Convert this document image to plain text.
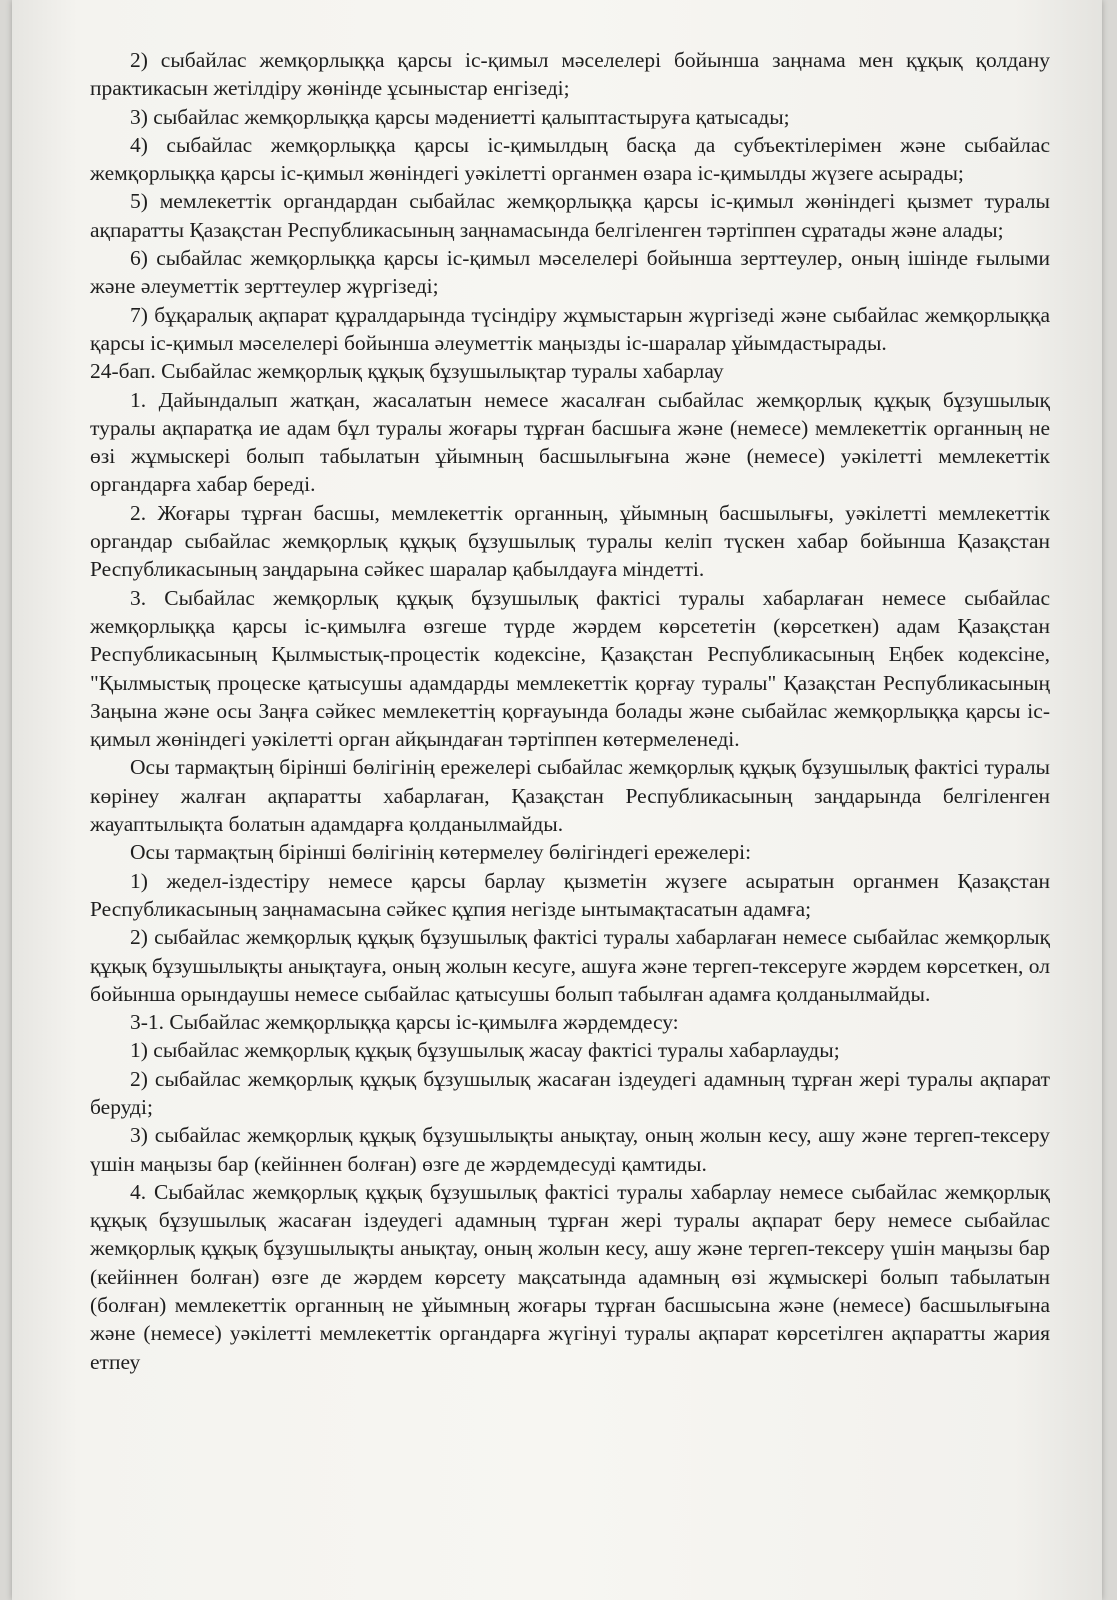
2) сыбайлас жемқорлыққа қарсы іс-қимыл мәселелері бойынша заңнама мен құқық қолдану практикасын жетілдіру жөнінде ұсыныстар енгізеді;

3) сыбайлас жемқорлыққа қарсы мәдениетті қалыптастыруға қатысады;

4) сыбайлас жемқорлыққа қарсы іс-қимылдың басқа да субъектілерімен және сыбайлас жемқорлыққа қарсы іс-қимыл жөніндегі уәкілетті органмен өзара іс-қимылды жүзеге асырады;

5) мемлекеттік органдардан сыбайлас жемқорлыққа қарсы іс-қимыл жөніндегі қызмет туралы ақпаратты Қазақстан Республикасының заңнамасында белгіленген тәртіппен сұратады және алады;

6) сыбайлас жемқорлыққа қарсы іс-қимыл мәселелері бойынша зерттеулер, оның ішінде ғылыми және әлеуметтік зерттеулер жүргізеді;

7) бұқаралық ақпарат құралдарында түсіндіру жұмыстарын жүргізеді және сыбайлас жемқорлыққа қарсы іс-қимыл мәселелері бойынша әлеуметтік маңызды іс-шаралар ұйымдастырады.

24-бап. Сыбайлас жемқорлық құқық бұзушылықтар туралы хабарлау

1. Дайындалып жатқан, жасалатын немесе жасалған сыбайлас жемқорлық құқық бұзушылық туралы ақпаратқа ие адам бұл туралы жоғары тұрған басшыға және (немесе) мемлекеттік органның не өзі жұмыскері болып табылатын ұйымның басшылығына және (немесе) уәкілетті мемлекеттік органдарға хабар береді.

2. Жоғары тұрған басшы, мемлекеттік органның, ұйымның басшылығы, уәкілетті мемлекеттік органдар сыбайлас жемқорлық құқық бұзушылық туралы келіп түскен хабар бойынша Қазақстан Республикасының заңдарына сәйкес шаралар қабылдауға міндетті.

3. Сыбайлас жемқорлық құқық бұзушылық фактісі туралы хабарлаған немесе сыбайлас жемқорлыққа қарсы іс-қимылға өзгеше түрде жәрдем көрсететін (көрсеткен) адам Қазақстан Республикасының Қылмыстық-процестік кодексіне, Қазақстан Республикасының Еңбек кодексіне, "Қылмыстық процеске қатысушы адамдарды мемлекеттік қорғау туралы" Қазақстан Республикасының Заңына және осы Заңға сәйкес мемлекеттің қорғауында болады және сыбайлас жемқорлыққа қарсы іс-қимыл жөніндегі уәкілетті орган айқындаған тәртіппен көтермеленеді.

Осы тармақтың бірінші бөлігінің ережелері сыбайлас жемқорлық құқық бұзушылық фактісі туралы көрінеу жалған ақпаратты хабарлаған, Қазақстан Республикасының заңдарында белгіленген жауаптылықта болатын адамдарға қолданылмайды.

Осы тармақтың бірінші бөлігінің көтермелеу бөлігіндегі ережелері:

1) жедел-іздестіру немесе қарсы барлау қызметін жүзеге асыратын органмен Қазақстан Республикасының заңнамасына сәйкес құпия негізде ынтымақтасатын адамға;

2) сыбайлас жемқорлық құқық бұзушылық фактісі туралы хабарлаған немесе сыбайлас жемқорлық құқық бұзушылықты анықтауға, оның жолын кесуге, ашуға және тергеп-тексеруге жәрдем көрсеткен, ол бойынша орындаушы немесе сыбайлас қатысушы болып табылған адамға қолданылмайды.

3-1. Сыбайлас жемқорлыққа қарсы іс-қимылға жәрдемдесу:

1) сыбайлас жемқорлық құқық бұзушылық жасау фактісі туралы хабарлауды;

2) сыбайлас жемқорлық құқық бұзушылық жасаған іздеудегі адамның тұрған жері туралы ақпарат беруді;

3) сыбайлас жемқорлық құқық бұзушылықты анықтау, оның жолын кесу, ашу және тергеп-тексеру үшін маңызы бар (кейіннен болған) өзге де жәрдемдесуді қамтиды.

4. Сыбайлас жемқорлық құқық бұзушылық фактісі туралы хабарлау немесе сыбайлас жемқорлық құқық бұзушылық жасаған іздеудегі адамның тұрған жері туралы ақпарат беру немесе сыбайлас жемқорлық құқық бұзушылықты анықтау, оның жолын кесу, ашу және тергеп-тексеру үшін маңызы бар (кейіннен болған) өзге де жәрдем көрсету мақсатында адамның өзі жұмыскері болып табылатын (болған) мемлекеттік органның не ұйымның жоғары тұрған басшысына және (немесе) басшылығына және (немесе) уәкілетті мемлекеттік органдарға жүгінуі туралы ақпарат көрсетілген ақпаратты жария етпеу
